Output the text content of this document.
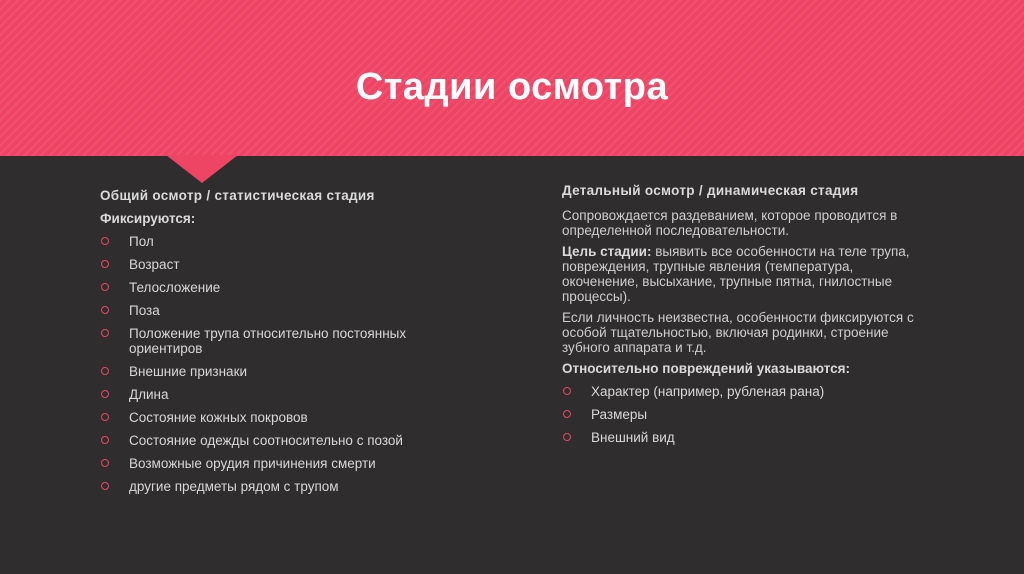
Стадии осмотра
Общий осмотр / статистическая стадия
Фиксируются:
Пол
Возраст
Телосложение
Поза
Положение трупа относительно постоянных ориентиров
Внешние признаки
Длина
Состояние кожных покровов
Состояние одежды соотносительно с позой
Возможные орудия причинения смерти
другие предметы рядом с трупом
Детальный осмотр / динамическая стадия
Сопровождается раздеванием, которое проводится в определенной последовательности.
Цель стадии: выявить все особенности на теле трупа, повреждения, трупные явления (температура, окоченение, высыхание, трупные пятна, гнилостные процессы).
Если личность неизвестна, особенности фиксируются с особой тщательностью, включая родинки, строение зубного аппарата и т.д.
Относительно повреждений указываются:
Характер (например, рубленая рана)
Размеры
Внешний вид
